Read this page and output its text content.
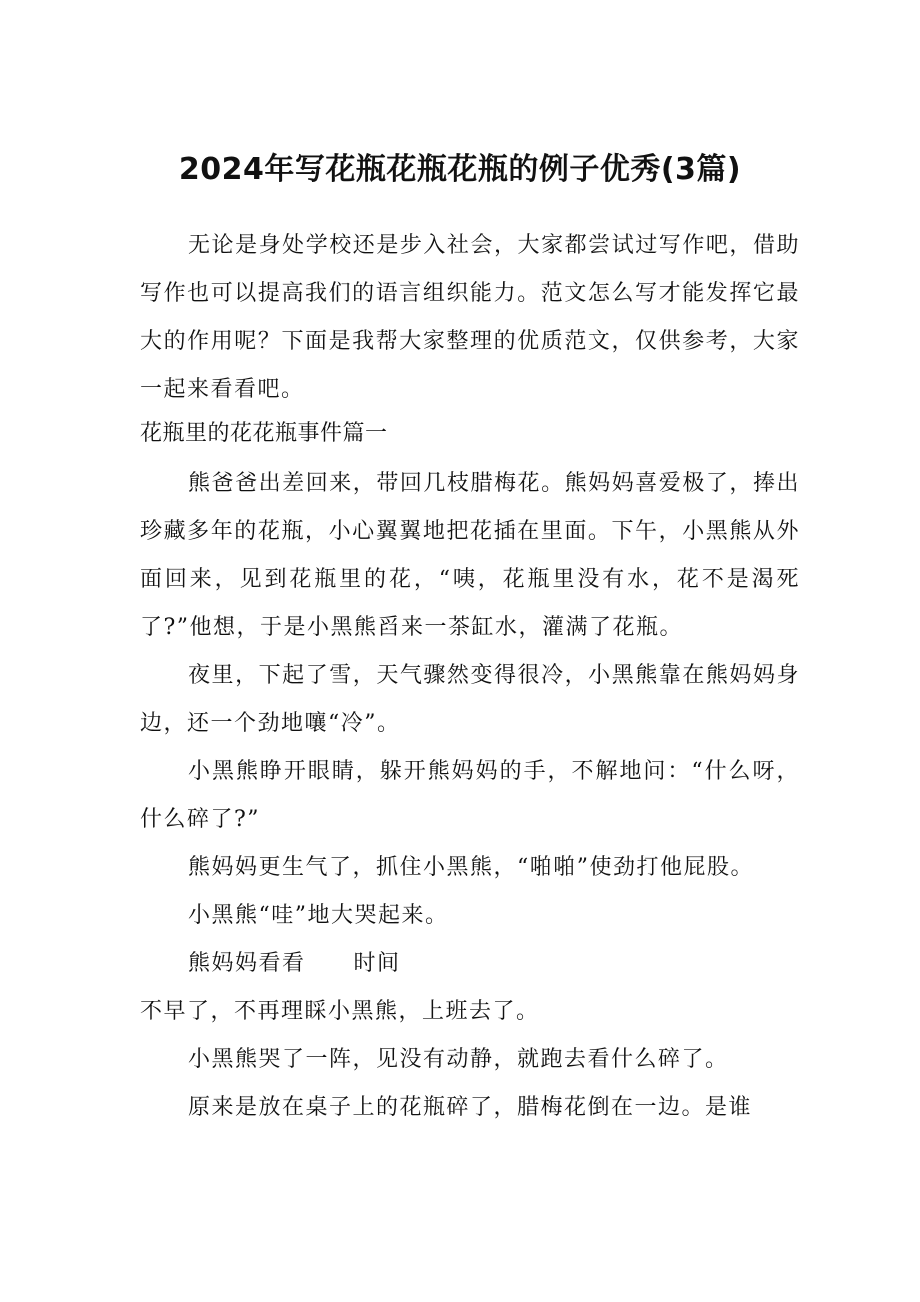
2024年写花瓶花瓶花瓶的例子优秀(3篇)

无论是身处学校还是步入社会，大家都尝试过写作吧，借助写作也可以提高我们的语言组织能力。范文怎么写才能发挥它最大的作用呢？下面是我帮大家整理的优质范文，仅供参考，大家一起来看看吧。

花瓶里的花花瓶事件篇一

熊爸爸出差回来，带回几枝腊梅花。熊妈妈喜爱极了，捧出珍藏多年的花瓶，小心翼翼地把花插在里面。下午，小黑熊从外面回来，见到花瓶里的花，“咦，花瓶里没有水，花不是渴死了?”他想，于是小黑熊舀来一茶缸水，灌满了花瓶。

夜里，下起了雪，天气骤然变得很冷，小黑熊靠在熊妈妈身边，还一个劲地嚷“冷”。

小黑熊睁开眼睛，躲开熊妈妈的手，不解地问：“什么呀，什么碎了?”

熊妈妈更生气了，抓住小黑熊，“啪啪”使劲打他屁股。

小黑熊“哇”地大哭起来。

熊妈妈看看 时间

不早了，不再理睬小黑熊，上班去了。

小黑熊哭了一阵，见没有动静，就跑去看什么碎了。

原来是放在桌子上的花瓶碎了，腊梅花倒在一边。是谁
